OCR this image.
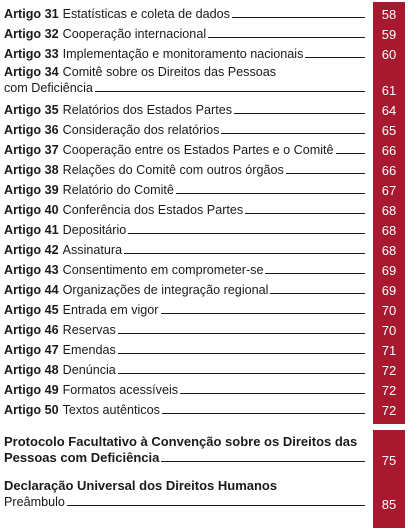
Artigo 31 Estatísticas e coleta de dados	58
Artigo 32 Cooperação internacional	59
Artigo 33 Implementação e monitoramento nacionais	60
Artigo 34 Comitê sobre os Direitos das Pessoas
com Deficiência	61
Artigo 35 Relatórios dos Estados Partes	64
Artigo 36 Consideração dos relatórios	65
Artigo 37 Cooperação entre os Estados Partes e o Comitê	66
Artigo 38 Relações do Comitê com outros órgãos	66
Artigo 39 Relatório do Comitê	67
Artigo 40 Conferência dos Estados Partes	68
Artigo 41 Depositário	68
Artigo 42 Assinatura	68
Artigo 43 Consentimento em comprometer-se	69
Artigo 44 Organizações de integração regional	69
Artigo 45 Entrada em vigor	70
Artigo 46 Reservas	70
Artigo 47 Emendas	71
Artigo 48 Denúncia	72
Artigo 49 Formatos acessíveis	72
Artigo 50 Textos autênticos	72
Protocolo Facultativo à Convenção sobre os Direitos das
Pessoas com Deficiência	75
Declaração Universal dos Direitos Humanos
Preâmbulo	85
